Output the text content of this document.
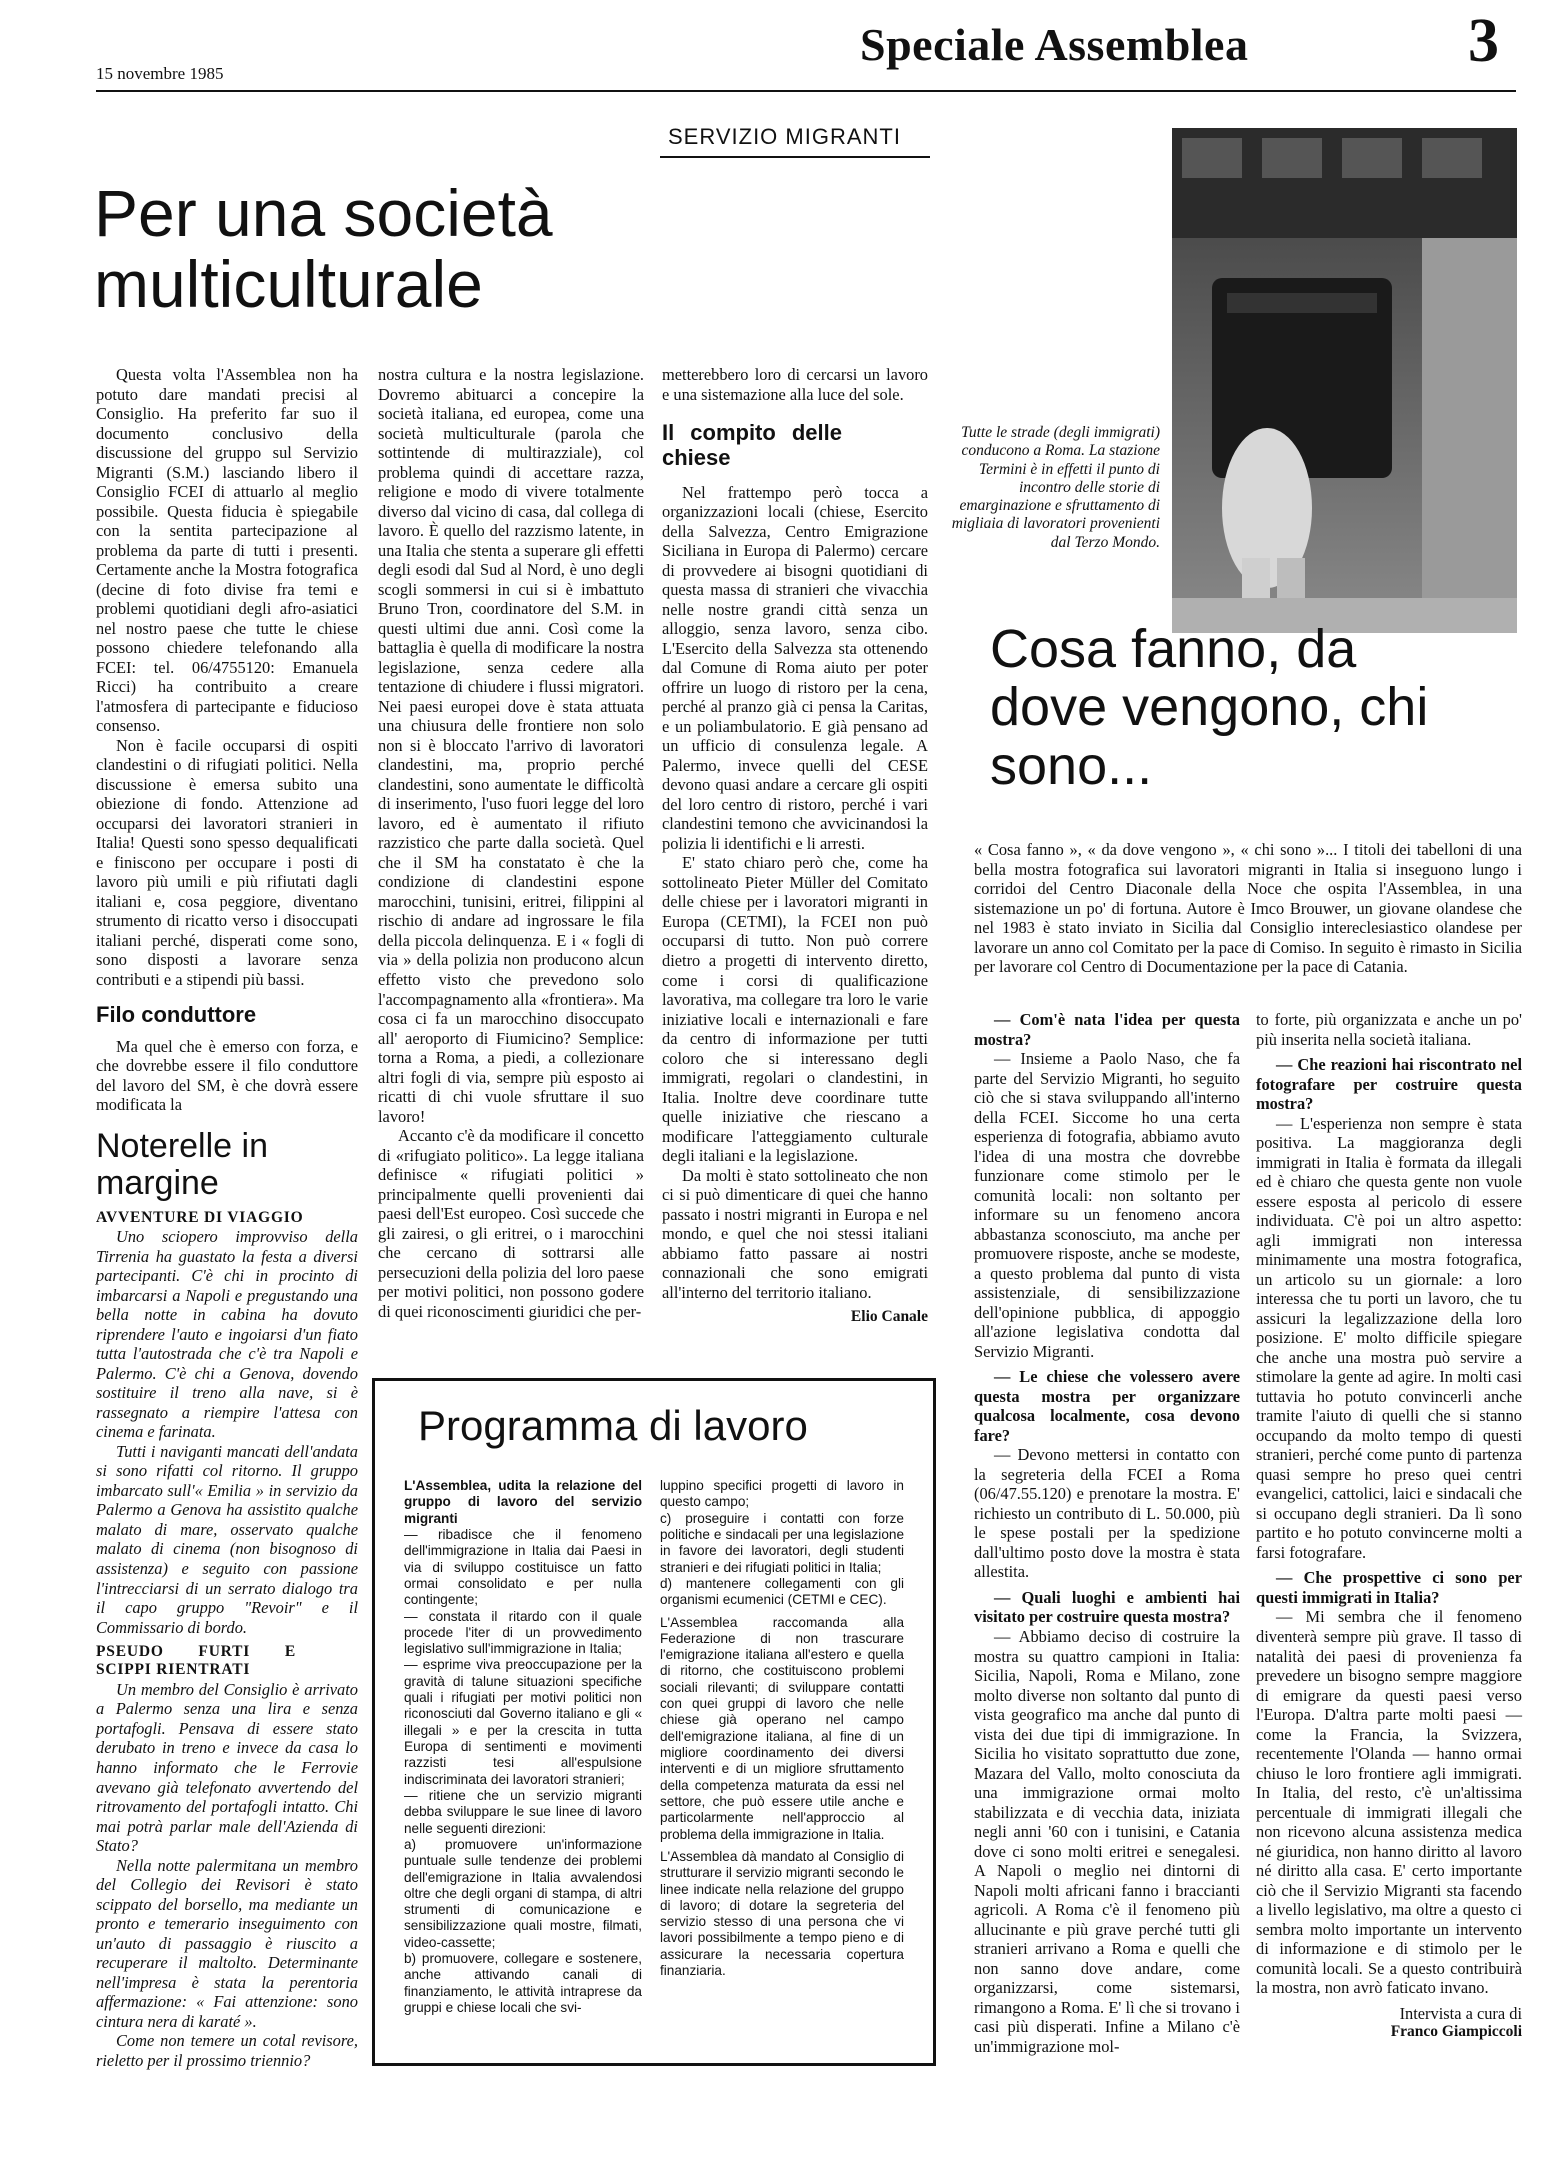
Speciale Assemblea	3
15 novembre 1985
SERVIZIO MIGRANTI
Per una società multiculturale

Questa volta l'Assemblea non ha potuto dare mandati precisi al Consiglio. Ha preferito far suo il documento conclusivo della discussione del gruppo sul Servizio Migranti (S.M.) lasciando libero il Consiglio FCEI di attuarlo al meglio possibile. Questa fiducia è spiegabile con la sentita partecipazione al problema da parte di tutti i presenti. Certamente anche la Mostra fotografica (decine di foto divise fra temi e problemi quotidiani degli afro-asiatici nel nostro paese che tutte le chiese possono chiedere telefonando alla FCEI: tel. 06/4755120: Emanuela Ricci) ha contribuito a creare l'atmosfera di partecipante e fiducioso consenso.

Non è facile occuparsi di ospiti clandestini o di rifugiati politici. Nella discussione è emersa subito una obiezione di fondo. Attenzione ad occuparsi dei lavoratori stranieri in Italia! Questi sono spesso dequalificati e finiscono per occupare i posti di lavoro più umili e più rifiutati dagli italiani e, cosa peggiore, diventano strumento di ricatto verso i disoccupati italiani perché, disperati come sono, sono disposti a lavorare senza contributi e a stipendi più bassi.

Filo conduttore

Ma quel che è emerso con forza, e che dovrebbe essere il filo conduttore del lavoro del SM, è che dovrà essere modificata la

nostra cultura e la nostra legislazione. Dovremo abituarci a concepire la società italiana, ed europea, come una società multiculturale (parola che sottintende di multirazziale), col problema quindi di accettare razza, religione e modo di vivere totalmente diverso dal vicino di casa, dal collega di lavoro. È quello del razzismo latente, in una Italia che stenta a superare gli effetti degli esodi dal Sud al Nord, è uno degli scogli sommersi in cui si è imbattuto Bruno Tron, coordinatore del S.M. in questi ultimi due anni. Così come la battaglia è quella di modificare la nostra legislazione, senza cedere alla tentazione di chiudere i flussi migratori. Nei paesi europei dove è stata attuata una chiusura delle frontiere non solo non si è bloccato l'arrivo di lavoratori clandestini, ma, proprio perché clandestini, sono aumentate le difficoltà di inserimento, l'uso fuori legge del loro lavoro, ed è aumentato il rifiuto razzistico che parte dalla società. Quel che il SM ha constatato è che la condizione di clandestini espone marocchini, tunisini, eritrei, filippini al rischio di andare ad ingrossare le fila della piccola delinquenza. E i « fogli di via » della polizia non producono alcun effetto visto che prevedono solo l'accompagnamento alla «frontiera». Ma cosa ci fa un marocchino disoccupato all' aeroporto di Fiumicino? Semplice: torna a Roma, a piedi, a collezionare altri fogli di via, sempre più esposto ai ricatti di chi vuole sfruttare il suo lavoro!

Accanto c'è da modificare il concetto di «rifugiato politico». La legge italiana definisce « rifugiati politici » principalmente quelli provenienti dai paesi dell'Est europeo. Così succede che gli zairesi, o gli eritrei, o i marocchini che cercano di sottrarsi alle persecuzioni della polizia del loro paese per motivi politici, non possono godere di quei riconoscimenti giuridici che per-

metterebbero loro di cercarsi un lavoro e una sistemazione alla luce del sole.

Il compito delle chiese

Nel frattempo però tocca a organizzazioni locali (chiese, Esercito della Salvezza, Centro Emigrazione Siciliana in Europa di Palermo) cercare di provvedere ai bisogni quotidiani di questa massa di stranieri che vivacchia nelle nostre grandi città senza un alloggio, senza lavoro, senza cibo. L'Esercito della Salvezza sta ottenendo dal Comune di Roma aiuto per poter offrire un luogo di ristoro per la cena, perché al pranzo già ci pensa la Caritas, e un poliambulatorio. E già pensano ad un ufficio di consulenza legale. A Palermo, invece quelli del CESE devono quasi andare a cercare gli ospiti del loro centro di ristoro, perché i vari clandestini temono che avvicinandosi la polizia li identifichi e li arresti.

E' stato chiaro però che, come ha sottolineato Pieter Müller del Comitato delle chiese per i lavoratori migranti in Europa (CETMI), la FCEI non può occuparsi di tutto. Non può correre dietro a progetti di intervento diretto, come i corsi di qualificazione lavorativa, ma collegare tra loro le varie iniziative locali e internazionali e fare da centro di informazione per tutti coloro che si interessano degli immigrati, regolari o clandestini, in Italia. Inoltre deve coordinare tutte quelle iniziative che riescano a modificare l'atteggiamento culturale degli italiani e la legislazione.

Da molti è stato sottolineato che non ci si può dimenticare di quei che hanno passato i nostri migranti in Europa e nel mondo, e quel che noi stessi italiani abbiamo fatto passare ai nostri connazionali che sono emigrati all'interno del territorio italiano.

Elio Canale
Noterelle in margine
AVVENTURE DI VIAGGIO

Uno sciopero improvviso della Tirrenia ha guastato la festa a diversi partecipanti. C'è chi in procinto di imbarcarsi a Napoli e pregustando una bella notte in cabina ha dovuto riprendere l'auto e ingoiarsi d'un fiato tutta l'autostrada che c'è tra Napoli e Palermo. C'è chi a Genova, dovendo sostituire il treno alla nave, si è rassegnato a riempire l'attesa con cinema e farinata.

Tutti i naviganti mancati dell'andata si sono rifatti col ritorno. Il gruppo imbarcato sull'« Emilia » in servizio da Palermo a Genova ha assistito qualche malato di mare, osservato qualche malato di cinema (non bisognoso di assistenza) e seguito con passione l'intrecciarsi di un serrato dialogo tra il capo gruppo "Revoir" e il Commissario di bordo.

PSEUDO FURTI E SCIPPI RIENTRATI

Un membro del Consiglio è arrivato a Palermo senza una lira e senza portafogli. Pensava di essere stato derubato in treno e invece da casa lo hanno informato che le Ferrovie avevano già telefonato avvertendo del ritrovamento del portafogli intatto. Chi mai potrà parlar male dell'Azienda di Stato?

Nella notte palermitana un membro del Collegio dei Revisori è stato scippato del borsello, ma mediante un pronto e temerario inseguimento con un'auto di passaggio è riuscito a recuperare il maltolto. Determinante nell'impresa è stata la perentoria affermazione: « Fai attenzione: sono cintura nera di karaté ».

Come non temere un cotal revisore, rieletto per il prossimo triennio?

Programma di lavoro

L'Assemblea, udita la relazione del gruppo di lavoro del servizio migranti

— ribadisce che il fenomeno dell'immigrazione in Italia dai Paesi in via di sviluppo costituisce un fatto ormai consolidato e per nulla contingente;

— constata il ritardo con il quale procede l'iter di un provvedimento legislativo sull'immigrazione in Italia;

— esprime viva preoccupazione per la gravità di talune situazioni specifiche quali i rifugiati per motivi politici non riconosciuti dal Governo italiano e gli « illegali » e per la crescita in tutta Europa di sentimenti e movimenti razzisti tesi all'espulsione indiscriminata dei lavoratori stranieri;

— ritiene che un servizio migranti debba sviluppare le sue linee di lavoro nelle seguenti direzioni:

a) promuovere un'informazione puntuale sulle tendenze dei problemi dell'emigrazione in Italia avvalendosi oltre che degli organi di stampa, di altri strumenti di comunicazione e sensibilizzazione quali mostre, filmati, video-cassette;

b) promuovere, collegare e sostenere, anche attivando canali di finanziamento, le attività intraprese da gruppi e chiese locali che svi-

luppino specifici progetti di lavoro in questo campo;

c) proseguire i contatti con forze politiche e sindacali per una legislazione in favore dei lavoratori, degli studenti stranieri e dei rifugiati politici in Italia;

d) mantenere collegamenti con gli organismi ecumenici (CETMI e CEC).

L'Assemblea raccomanda alla Federazione di non trascurare l'emigrazione italiana all'estero e quella di ritorno, che costituiscono problemi sociali rilevanti; di sviluppare contatti con quei gruppi di lavoro che nelle chiese già operano nel campo dell'emigrazione italiana, al fine di un migliore coordinamento dei diversi interventi e di un migliore sfruttamento della competenza maturata da essi nel settore, che può essere utile anche e particolarmente nell'approccio al problema della immigrazione in Italia.

L'Assemblea dà mandato al Consiglio di strutturare il servizio migranti secondo le linee indicate nella relazione del gruppo di lavoro; di dotare la segreteria del servizio stesso di una persona che vi lavori possibilmente a tempo pieno e di assicurare la necessaria copertura finanziaria.

Tutte le strade (degli immigrati) conducono a Roma. La stazione Termini è in effetti il punto di incontro delle storie di emarginazione e sfruttamento di migliaia di lavoratori provenienti dal Terzo Mondo.
Cosa fanno, da dove vengono, chi sono...
« Cosa fanno », « da dove vengono », « chi sono »... I titoli dei tabelloni di una bella mostra fotografica sui lavoratori migranti in Italia si inseguono lungo i corridoi del Centro Diaconale della Noce che ospita l'Assemblea, in una sistemazione un po' di fortuna. Autore è Imco Brouwer, un giovane olandese che nel 1983 è stato inviato in Sicilia dal Consiglio intereclesiastico olandese per lavorare un anno col Comitato per la pace di Comiso. In seguito è rimasto in Sicilia per lavorare col Centro di Documentazione per la pace di Catania.

— Com'è nata l'idea per questa mostra?

— Insieme a Paolo Naso, che fa parte del Servizio Migranti, ho seguito ciò che si stava sviluppando all'interno della FCEI. Siccome ho una certa esperienza di fotografia, abbiamo avuto l'idea di una mostra che dovrebbe funzionare come stimolo per le comunità locali: non soltanto per informare su un fenomeno ancora abbastanza sconosciuto, ma anche per promuovere risposte, anche se modeste, a questo problema dal punto di vista assistenziale, di sensibilizzazione dell'opinione pubblica, di appoggio all'azione legislativa condotta dal Servizio Migranti.

— Le chiese che volessero avere questa mostra per organizzare qualcosa localmente, cosa devono fare?

— Devono mettersi in contatto con la segreteria della FCEI a Roma (06/47.55.120) e prenotare la mostra. E' richiesto un contributo di L. 50.000, più le spese postali per la spedizione dall'ultimo posto dove la mostra è stata allestita.

— Quali luoghi e ambienti hai visitato per costruire questa mostra?

— Abbiamo deciso di costruire la mostra su quattro campioni in Italia: Sicilia, Napoli, Roma e Milano, zone molto diverse non soltanto dal punto di vista geografico ma anche dal punto di vista dei due tipi di immigrazione. In Sicilia ho visitato soprattutto due zone, Mazara del Vallo, molto conosciuta da una immigrazione ormai molto stabilizzata e di vecchia data, iniziata negli anni '60 con i tunisini, e Catania dove ci sono molti eritrei e senegalesi. A Napoli o meglio nei dintorni di Napoli molti africani fanno i braccianti agricoli. A Roma c'è il fenomeno più allucinante e più grave perché tutti gli stranieri arrivano a Roma e quelli che non sanno dove andare, come organizzarsi, come sistemarsi, rimangono a Roma. E' lì che si trovano i casi più disperati. Infine a Milano c'è un'immigrazione mol-

to forte, più organizzata e anche un po' più inserita nella società italiana.

— Che reazioni hai riscontrato nel fotografare per costruire questa mostra?

— L'esperienza non sempre è stata positiva. La maggioranza degli immigrati in Italia è formata da illegali ed è chiaro che questa gente non vuole essere esposta al pericolo di essere individuata. C'è poi un altro aspetto: agli immigrati non interessa minimamente una mostra fotografica, un articolo su un giornale: a loro interessa che tu porti un lavoro, che tu assicuri la legalizzazione della loro posizione. E' molto difficile spiegare che anche una mostra può servire a stimolare la gente ad agire. In molti casi tuttavia ho potuto convincerli anche tramite l'aiuto di quelli che si stanno occupando da molto tempo di questi stranieri, perché come punto di partenza quasi sempre ho preso quei centri evangelici, cattolici, laici e sindacali che si occupano degli stranieri. Da lì sono partito e ho potuto convincerne molti a farsi fotografare.

— Che prospettive ci sono per questi immigrati in Italia?

— Mi sembra che il fenomeno diventerà sempre più grave. Il tasso di natalità dei paesi di provenienza fa prevedere un bisogno sempre maggiore di emigrare da questi paesi verso l'Europa. D'altra parte molti paesi — come la Francia, la Svizzera, recentemente l'Olanda — hanno ormai chiuso le loro frontiere agli immigrati. In Italia, del resto, c'è un'altissima percentuale di immigrati illegali che non ricevono alcuna assistenza medica né giuridica, non hanno diritto al lavoro né diritto alla casa. E' certo importante ciò che il Servizio Migranti sta facendo a livello legislativo, ma oltre a questo ci sembra molto importante un intervento di informazione e di stimolo per le comunità locali. Se a questo contribuirà la mostra, non avrò faticato invano.

Intervista a cura di
Franco Giampiccoli
